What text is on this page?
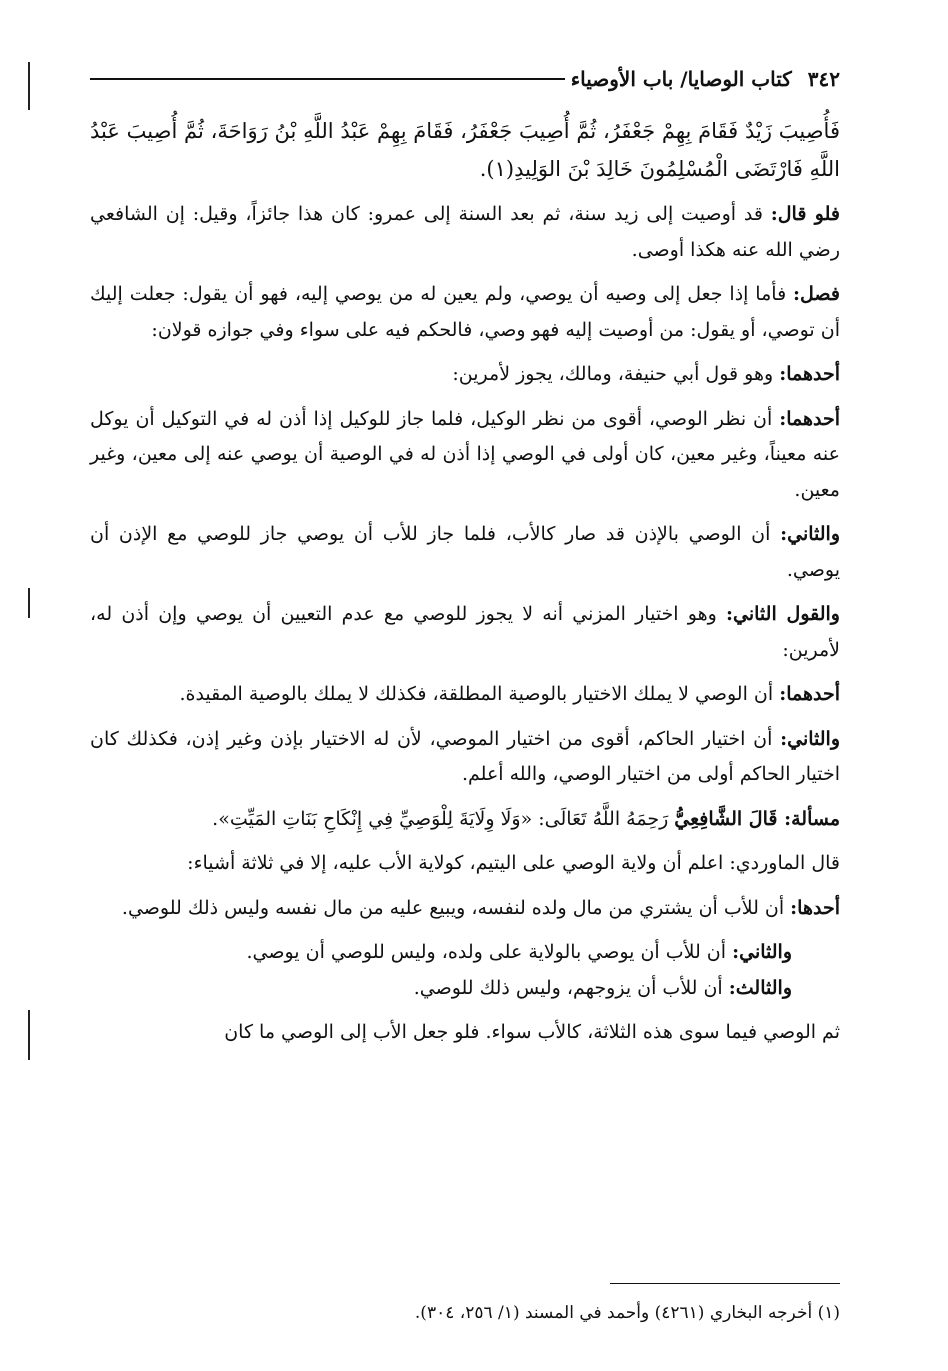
٣٤٢
كتاب الوصايا/ باب الأوصياء

فَأُصِيبَ زَيْدٌ فَقَامَ بِهِمْ جَعْفَرُ، ثُمَّ أُصِيبَ جَعْفَرُ، فَقَامَ بِهِمْ عَبْدُ اللَّهِ بْنُ رَوَاحَةَ، ثُمَّ أُصِيبَ عَبْدُ اللَّهِ فَارْتَضَى الْمُسْلِمُونَ خَالِدَ بْنَ الوَلِيدِ(١).

فلو قال: قد أوصيت إلى زيد سنة، ثم بعد السنة إلى عمرو: كان هذا جائزاً، وقيل: إن الشافعي رضي الله عنه هكذا أوصى.

فصل: فأما إذا جعل إلى وصيه أن يوصي، ولم يعين له من يوصي إليه، فهو أن يقول: جعلت إليك أن توصي، أو يقول: من أوصيت إليه فهو وصي، فالحكم فيه على سواء وفي جوازه قولان:

أحدهما: وهو قول أبي حنيفة، ومالك، يجوز لأمرين:

أحدهما: أن نظر الوصي، أقوى من نظر الوكيل، فلما جاز للوكيل إذا أذن له في التوكيل أن يوكل عنه معيناً، وغير معين، كان أولى في الوصي إذا أذن له في الوصية أن يوصي عنه إلى معين، وغير معين.

والثاني: أن الوصي بالإذن قد صار كالأب، فلما جاز للأب أن يوصي جاز للوصي مع الإذن أن يوصي.

والقول الثاني: وهو اختيار المزني أنه لا يجوز للوصي مع عدم التعيين أن يوصي وإن أذن له، لأمرين:

أحدهما: أن الوصي لا يملك الاختيار بالوصية المطلقة، فكذلك لا يملك بالوصية المقيدة.

والثاني: أن اختيار الحاكم، أقوى من اختيار الموصي، لأن له الاختيار بإذن وغير إذن، فكذلك كان اختيار الحاكم أولى من اختيار الوصي، والله أعلم.

مسألة: قَالَ الشَّافِعِيُّ رَحِمَهُ اللَّهُ تَعَالَى: «وَلَا وِلَايَةَ لِلْوَصِيِّ فِي إِنْكَاحِ بَنَاتِ المَيِّتِ».

قال الماوردي: اعلم أن ولاية الوصي على اليتيم، كولاية الأب عليه، إلا في ثلاثة أشياء:

أحدها: أن للأب أن يشتري من مال ولده لنفسه، ويبيع عليه من مال نفسه وليس ذلك للوصي.

والثاني: أن للأب أن يوصي بالولاية على ولده، وليس للوصي أن يوصي.

والثالث: أن للأب أن يزوجهم، وليس ذلك للوصي.

ثم الوصي فيما سوى هذه الثلاثة، كالأب سواء. فلو جعل الأب إلى الوصي ما كان

(١) أخرجه البخاري (٤٢٦١) وأحمد في المسند (١/ ٢٥٦، ٣٠٤).
